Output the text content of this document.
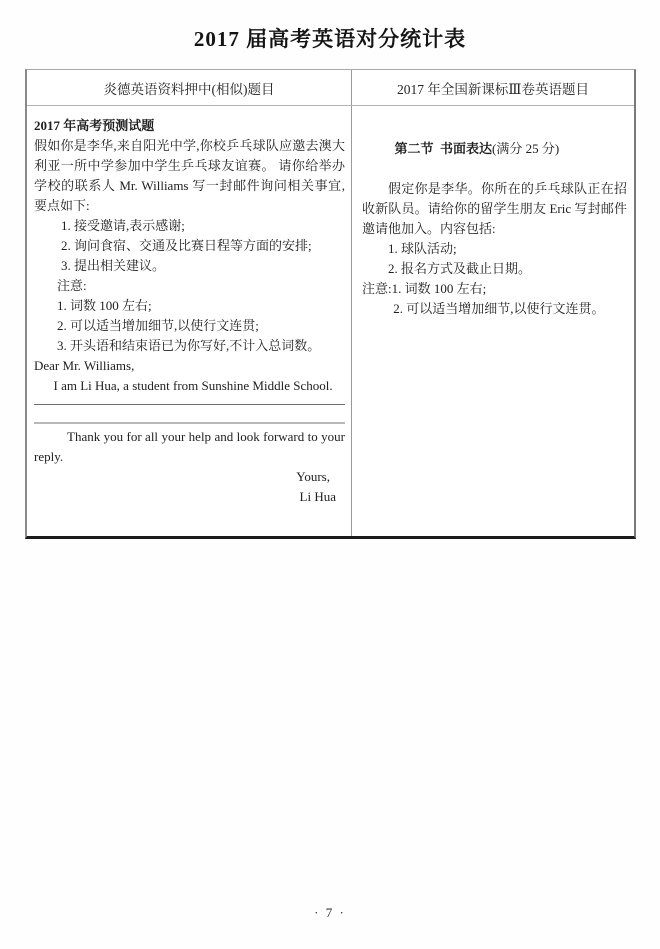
2017 届高考英语对分统计表
炎德英语资料押中(相似)题目	2017 年全国新课标Ⅲ卷英语题目
2017 年高考预测试题
假如你是李华,来自阳光中学,你校乒乓球队应邀去澳大利亚一所中学参加中学生乒乓球友谊赛。 请你给举办学校的联系人 Mr. Williams 写一封邮件询问相关事宜,要点如下:
1. 接受邀请,表示感谢;
2. 询问食宿、交通及比赛日程等方面的安排;
3. 提出相关建议。
注意:
1. 词数 100 左右;
2. 可以适当增加细节,以使行文连贯;
3. 开头语和结束语已为你写好,不计入总词数。
Dear Mr. Williams,
I am Li Hua, a student from Sunshine Middle School.
Thank you for all your help and look forward to your reply.
Yours,
Li Hua

第二节  书面表达(满分 25 分)

假定你是李华。你所在的乒乓球队正在招收新队员。请给你的留学生朋友 Eric 写封邮件邀请他加入。内容包括:
1. 球队活动;
2. 报名方式及截止日期。
注意:1. 词数 100 左右;
2. 可以适当增加细节,以使行文连贯。
· 7 ·
